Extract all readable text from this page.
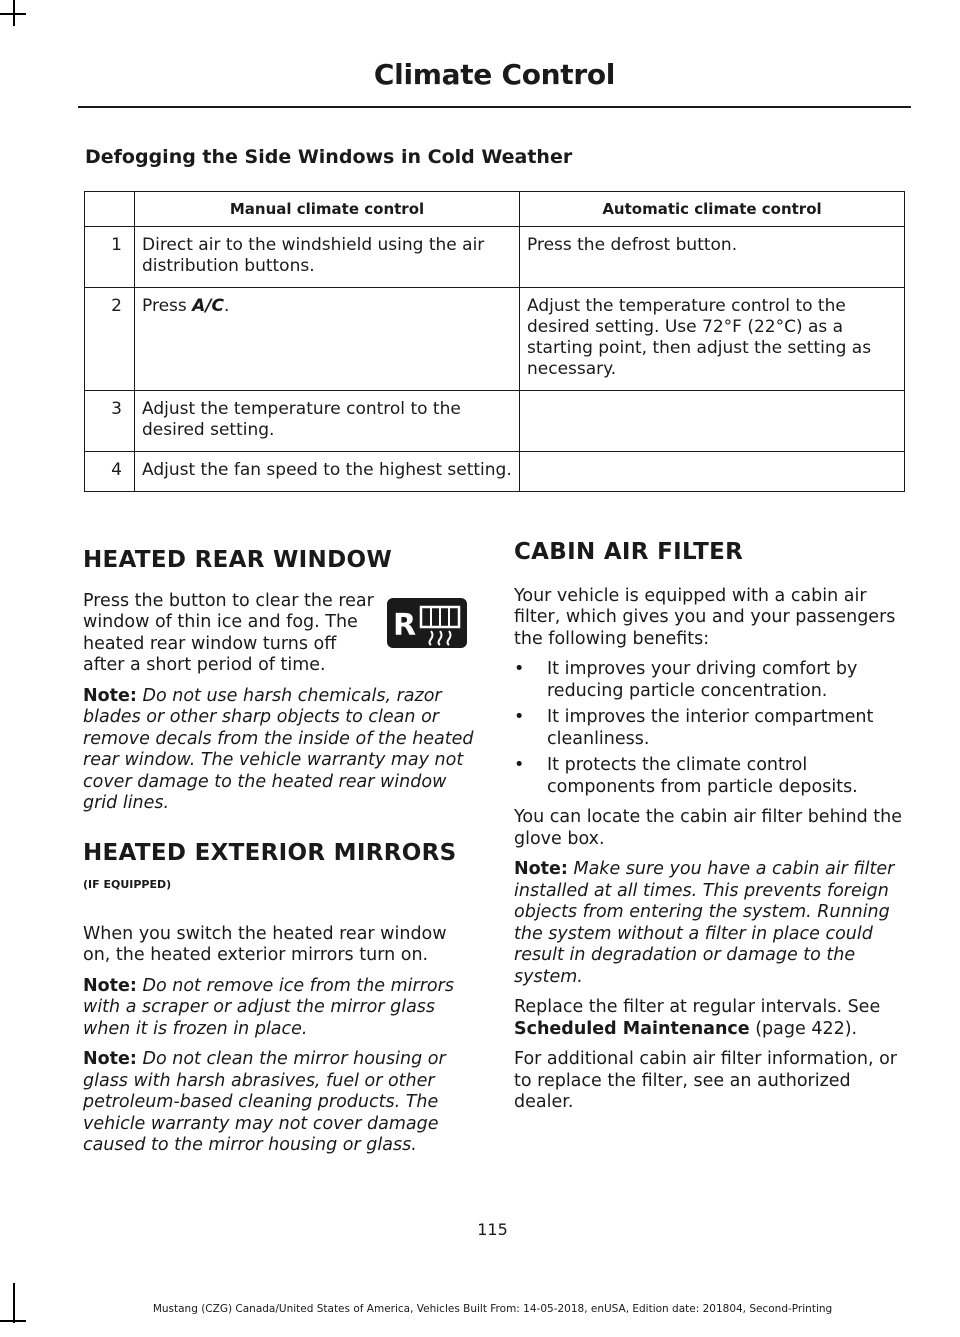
Climate Control
Defogging the Side Windows in Cold Weather
	Manual climate control	Automatic climate control
1	Direct air to the windshield using the air distribution buttons.	Press the defrost button.
2	Press A/C.	Adjust the temperature control to the desired setting. Use 72°F (22°C) as a starting point, then adjust the setting as necessary.
3	Adjust the temperature control to the desired setting.	
4	Adjust the fan speed to the highest setting.	
HEATED REAR WINDOW
R

Press the button to clear the rear window of thin ice and fog. The heated rear window turns off after a short period of time.

Note: Do not use harsh chemicals, razor blades or other sharp objects to clean or remove decals from the inside of the heated rear window. The vehicle warranty may not cover damage to the heated rear window grid lines.

HEATED EXTERIOR MIRRORS
(IF EQUIPPED)

When you switch the heated rear window on, the heated exterior mirrors turn on.

Note: Do not remove ice from the mirrors with a scraper or adjust the mirror glass when it is frozen in place.

Note: Do not clean the mirror housing or glass with harsh abrasives, fuel or other petroleum-based cleaning products. The vehicle warranty may not cover damage caused to the mirror housing or glass.

CABIN AIR FILTER

Your vehicle is equipped with a cabin air filter, which gives you and your passengers the following benefits:

• It improves your driving comfort by reducing particle concentration.
• It improves the interior compartment cleanliness.
• It protects the climate control components from particle deposits.

You can locate the cabin air filter behind the glove box.

Note: Make sure you have a cabin air filter installed at all times. This prevents foreign objects from entering the system. Running the system without a filter in place could result in degradation or damage to the system.

Replace the filter at regular intervals. See Scheduled Maintenance (page 422).

For additional cabin air filter information, or to replace the filter, see an authorized dealer.

115
Mustang (CZG) Canada/United States of America, Vehicles Built From: 14-05-2018, enUSA, Edition date: 201804, Second-Printing
